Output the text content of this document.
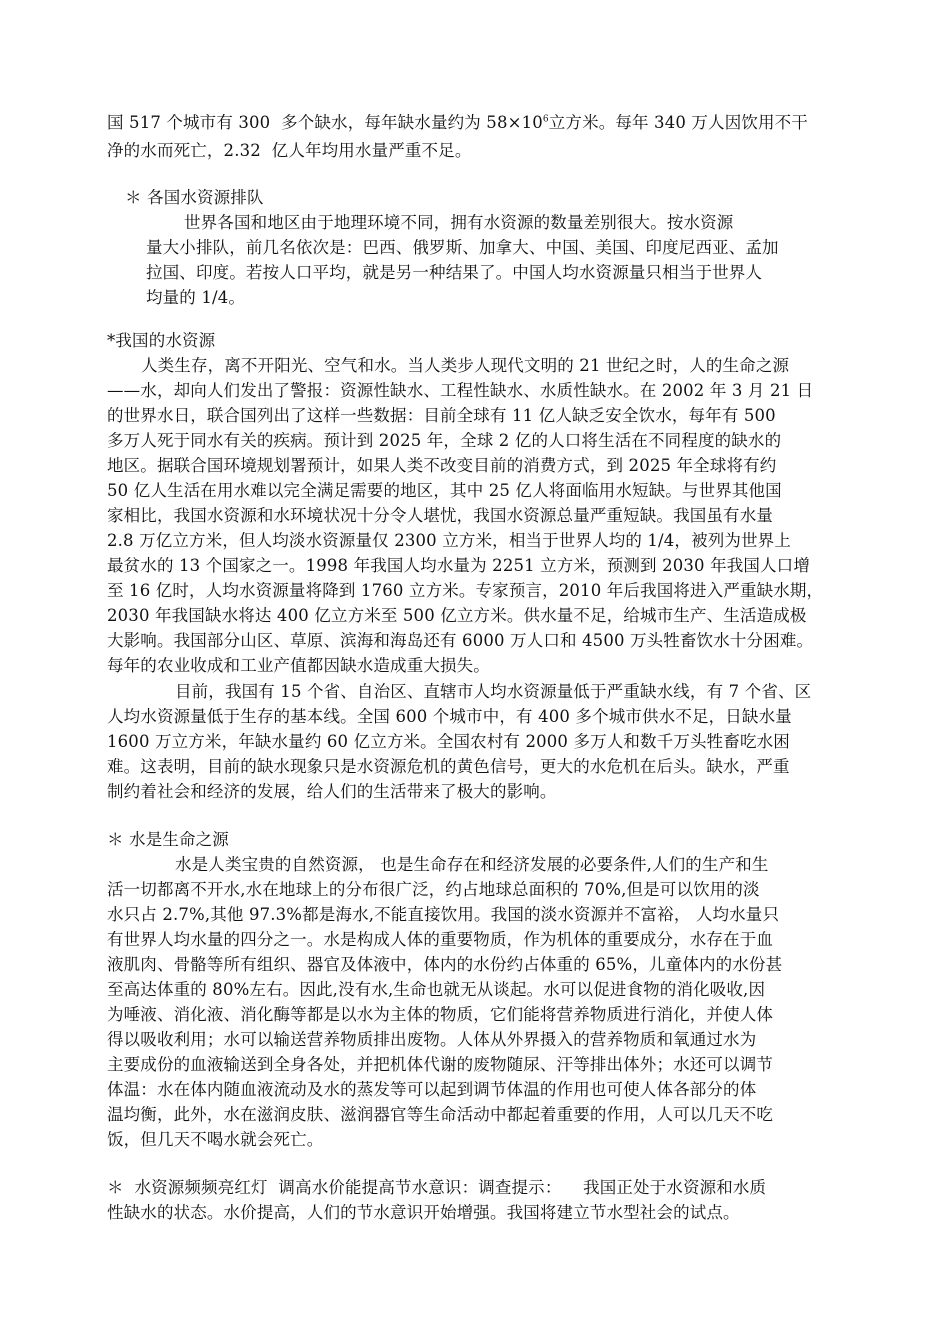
国 517 个城市有 300  多个缺水，每年缺水量约为 $58\times 10^6$立方米。每年 340 万人因饮用不干
净的水而死亡，2.32  亿人年均用水量严重不足。
＊ 各国水资源排队
世界各国和地区由于地理环境不同，拥有水资源的数量差别很大。按水资源
量大小排队，前几名依次是：巴西、俄罗斯、加拿大、中国、美国、印度尼西亚、孟加
拉国、印度。若按人口平均，就是另一种结果了。中国人均水资源量只相当于世界人
均量的 1/4。
*我国的水资源
人类生存，离不开阳光、空气和水。当人类步人现代文明的 21 世纪之时，人的生命之源
——水，却向人们发出了警报：资源性缺水、工程性缺水、水质性缺水。在 2002 年 3 月 21 日
的世界水日，联合国列出了这样一些数据：目前全球有 11 亿人缺乏安全饮水，每年有 500
多万人死于同水有关的疾病。预计到 2025 年，全球 2 亿的人口将生活在不同程度的缺水的
地区。据联合国环境规划署预计，如果人类不改变目前的消费方式，到 2025 年全球将有约
50 亿人生活在用水难以完全满足需要的地区，其中 25 亿人将面临用水短缺。与世界其他国
家相比，我国水资源和水环境状况十分令人堪忧，我国水资源总量严重短缺。我国虽有水量
2.8 万亿立方米，但人均淡水资源量仅 2300 立方米，相当于世界人均的 1/4，被列为世界上
最贫水的 13 个国家之一。1998 年我国人均水量为 2251 立方米，预测到 2030 年我国人口增
至 16 亿时，人均水资源量将降到 1760 立方米。专家预言，2010 年后我国将进入严重缺水期，
2030 年我国缺水将达 400 亿立方米至 500 亿立方米。供水量不足，给城市生产、生活造成极
大影响。我国部分山区、草原、滨海和海岛还有 6000 万人口和 4500 万头牲畜饮水十分困难。
每年的农业收成和工业产值都因缺水造成重大损失。
目前，我国有 15 个省、自治区、直辖市人均水资源量低于严重缺水线，有 7 个省、区
人均水资源量低于生存的基本线。全国 600 个城市中，有 400 多个城市供水不足，日缺水量
1600 万立方米，年缺水量约 60 亿立方米。全国农村有 2000 多万人和数千万头牲畜吃水困
难。这表明，目前的缺水现象只是水资源危机的黄色信号，更大的水危机在后头。缺水，严重
制约着社会和经济的发展，给人们的生活带来了极大的影响。
＊ 水是生命之源
水是人类宝贵的自然资源， 也是生命存在和经济发展的必要条件,人们的生产和生
活一切都离不开水,水在地球上的分布很广泛，约占地球总面积的 70%,但是可以饮用的淡
水只占 2.7%,其他 97.3%都是海水,不能直接饮用。我国的淡水资源并不富裕， 人均水量只
有世界人均水量的四分之一。水是构成人体的重要物质，作为机体的重要成分，水存在于血
液肌肉、骨骼等所有组织、器官及体液中，体内的水份约占体重的 65%，儿童体内的水份甚
至高达体重的 80%左右。因此,没有水,生命也就无从谈起。水可以促进食物的消化吸收,因
为唾液、消化液、消化酶等都是以水为主体的物质，它们能将营养物质进行消化，并使人体
得以吸收利用；水可以输送营养物质排出废物。人体从外界摄入的营养物质和氧通过水为
主要成份的血液输送到全身各处，并把机体代谢的废物随尿、汗等排出体外；水还可以调节
体温：水在体内随血液流动及水的蒸发等可以起到调节体温的作用也可使人体各部分的体
温均衡，此外，水在滋润皮肤、滋润器官等生命活动中都起着重要的作用，人可以几天不吃
饭，但几天不喝水就会死亡。
＊  水资源频频亮红灯  调高水价能提高节水意识：调查提示：    我国正处于水资源和水质
性缺水的状态。水价提高，人们的节水意识开始增强。我国将建立节水型社会的试点。
